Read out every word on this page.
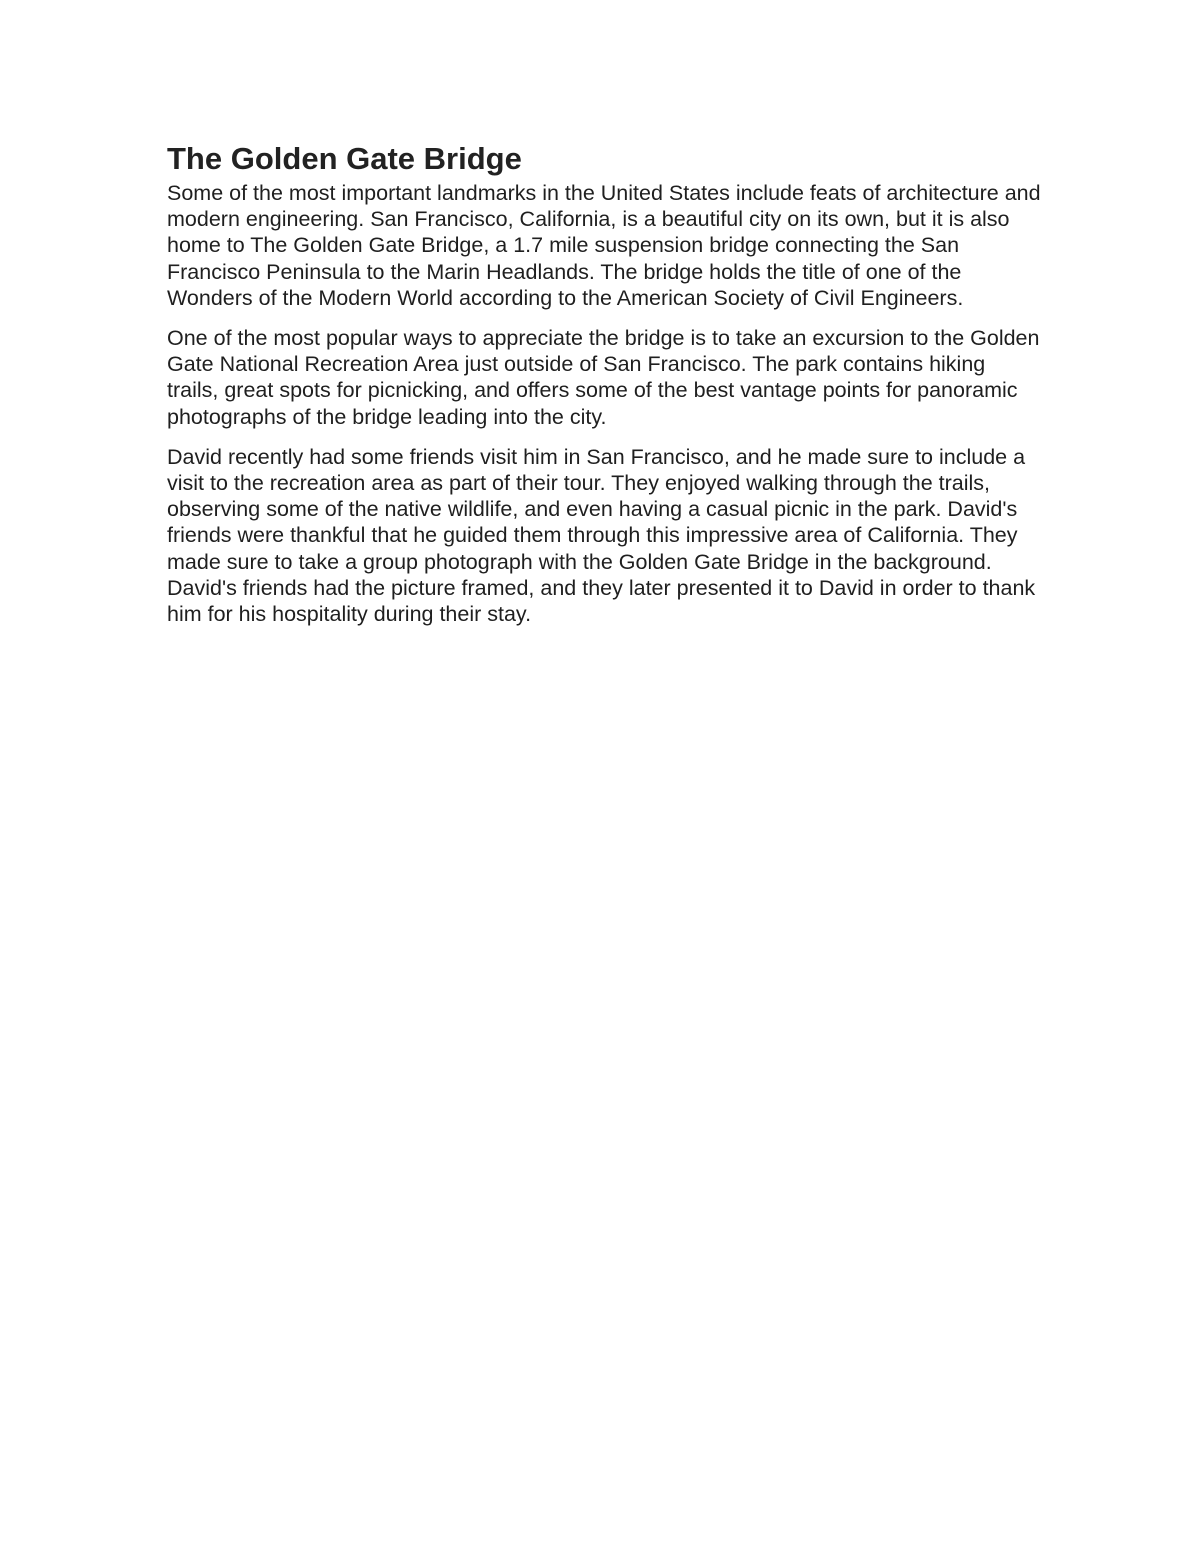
The Golden Gate Bridge

Some of the most important landmarks in the United States include feats of architecture and modern engineering. San Francisco, California, is a beautiful city on its own, but it is also home to The Golden Gate Bridge, a 1.7 mile suspension bridge connecting the San Francisco Peninsula to the Marin Headlands. The bridge holds the title of one of the Wonders of the Modern World according to the American Society of Civil Engineers.

One of the most popular ways to appreciate the bridge is to take an excursion to the Golden Gate National Recreation Area just outside of San Francisco. The park contains hiking trails, great spots for picnicking, and offers some of the best vantage points for panoramic photographs of the bridge leading into the city.

David recently had some friends visit him in San Francisco, and he made sure to include a visit to the recreation area as part of their tour. They enjoyed walking through the trails, observing some of the native wildlife, and even having a casual picnic in the park. David's friends were thankful that he guided them through this impressive area of California. They made sure to take a group photograph with the Golden Gate Bridge in the background. David's friends had the picture framed, and they later presented it to David in order to thank him for his hospitality during their stay.
